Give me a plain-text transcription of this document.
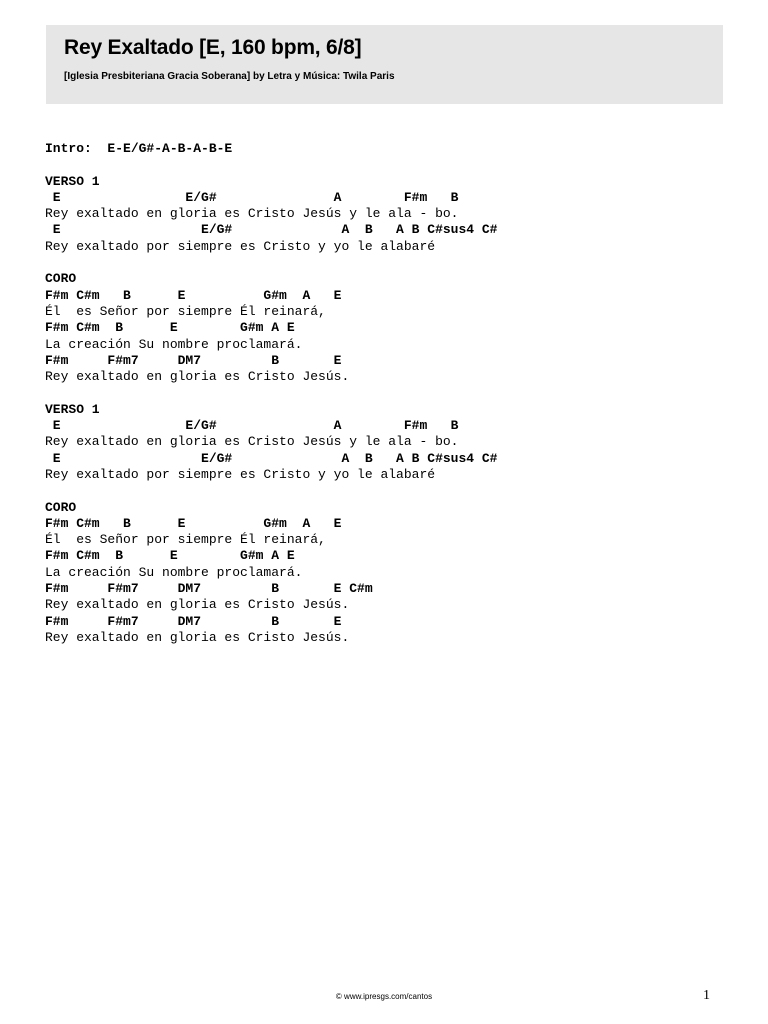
Rey Exaltado [E, 160 bpm, 6/8]
[Iglesia Presbiteriana Gracia Soberana] by Letra y Música: Twila Paris
Intro:  E-E/G#-A-B-A-B-E
VERSO 1
E                E/G#               A        F#m   B
Rey exaltado en gloria es Cristo Jesús y le ala - bo.
E                  E/G#              A  B   A B C#sus4 C#
Rey exaltado por siempre es Cristo y yo le alabaré
CORO
F#m C#m   B      E          G#m  A   E
Él  es Señor por siempre Él reinará,
F#m C#m  B      E        G#m A E
La creación Su nombre proclamará.
F#m     F#m7     DM7         B       E
Rey exaltado en gloria es Cristo Jesús.
VERSO 1
E                E/G#               A        F#m   B
Rey exaltado en gloria es Cristo Jesús y le ala - bo.
E                  E/G#              A  B   A B C#sus4 C#
Rey exaltado por siempre es Cristo y yo le alabaré
CORO
F#m C#m   B      E          G#m  A   E
Él  es Señor por siempre Él reinará,
F#m C#m  B      E        G#m A E
La creación Su nombre proclamará.
F#m     F#m7     DM7         B       E C#m
Rey exaltado en gloria es Cristo Jesús.
F#m     F#m7     DM7         B       E
Rey exaltado en gloria es Cristo Jesús.
© www.ipresgs.com/cantos	1
